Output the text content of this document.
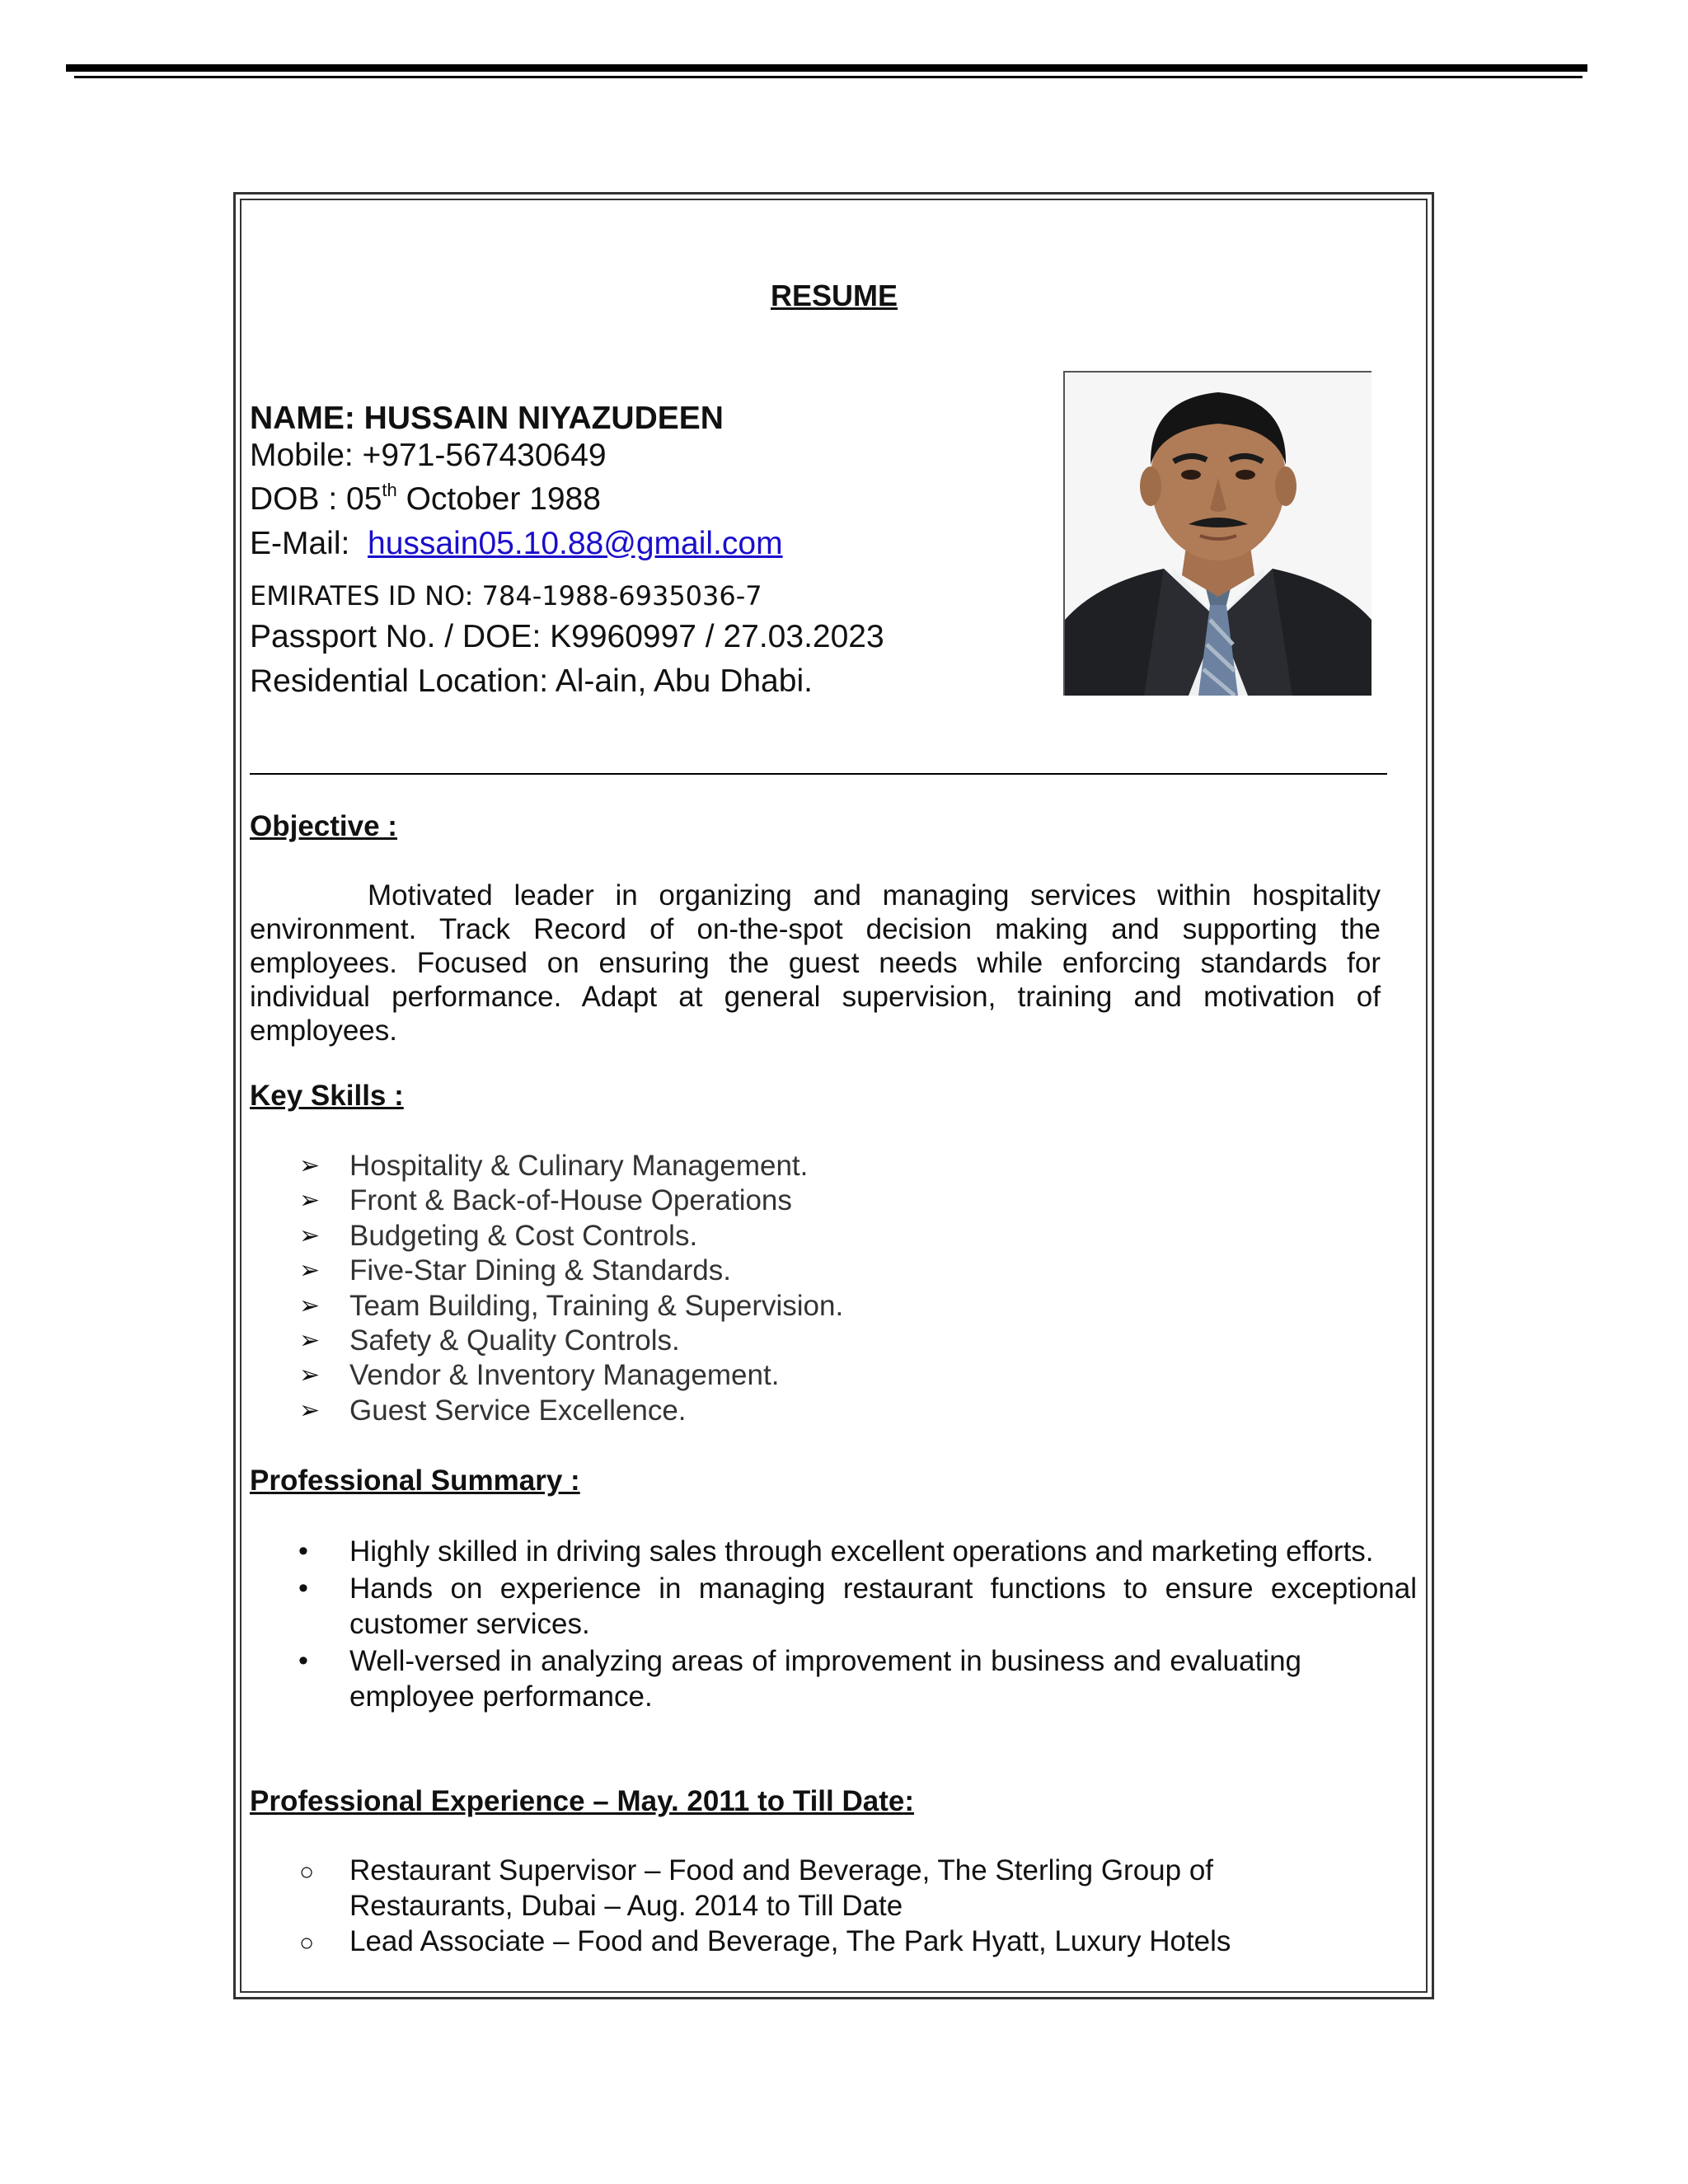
RESUME
NAME: HUSSAIN NIYAZUDEEN
Mobile: +971-567430649
DOB : 05th October 1988
E-Mail:  hussain05.10.88@gmail.com
EMIRATES ID NO: 784-1988-6935036-7
Passport No. / DOE: K9960997 / 27.03.2023
Residential Location: Al-ain, Abu Dhabi.
Objective :
Motivated leader in organizing and managing services within hospitality environment. Track Record of on-the-spot decision making and supporting the employees. Focused on ensuring the guest needs while enforcing standards for individual performance. Adapt at general supervision, training and motivation of employees.
Key Skills :
➢ Hospitality & Culinary Management.
➢ Front & Back-of-House Operations
➢ Budgeting & Cost Controls.
➢ Five-Star Dining & Standards.
➢ Team Building, Training & Supervision.
➢ Safety & Quality Controls.
➢ Vendor & Inventory Management.
➢ Guest Service Excellence.
Professional Summary :
• Highly skilled in driving sales through excellent operations and marketing efforts.
• Hands on experience in managing restaurant functions to ensure exceptional customer services.
• Well-versed in analyzing areas of improvement in business and evaluating employee performance.
Professional Experience – May. 2011 to Till Date:
○ Restaurant Supervisor – Food and Beverage, The Sterling Group of Restaurants, Dubai – Aug. 2014 to Till Date
○ Lead Associate – Food and Beverage, The Park Hyatt, Luxury Hotels
